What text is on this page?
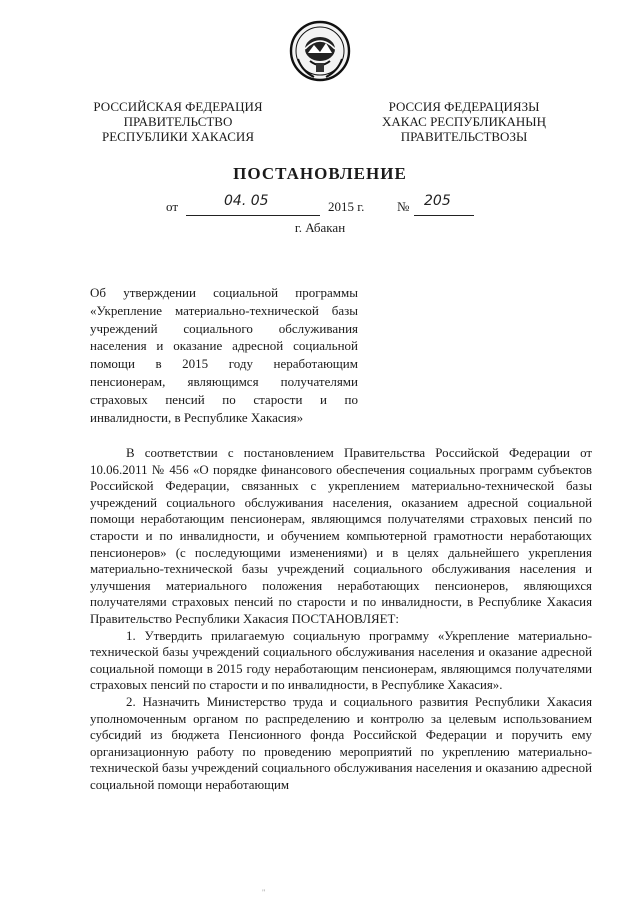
РОССИЙСКАЯ ФЕДЕРАЦИЯ
ПРАВИТЕЛЬСТВО
РЕСПУБЛИКИ ХАКАСИЯ
РОССИЯ ФЕДЕРАЦИЯЗЫ
ХАКАС РЕСПУБЛИКАНЫҢ
ПРАВИТЕЛЬСТВОЗЫ
ПОСТАНОВЛЕНИЕ
от	04. 05	2015 г.	№ 205
г. Абакан
Об утверждении социальной программы «Укрепление материально-технической базы учреждений социального обслуживания населения и оказание адресной социальной помощи в 2015 году неработающим пенсионерам, являющимся получателями страховых пенсий по старости и по инвалидности, в Республике Хакасия»

В соответствии с постановлением Правительства Российской Федерации от 10.06.2011 № 456 «О порядке финансового обеспечения социальных программ субъектов Российской Федерации, связанных с укреплением материально-технической базы учреждений социального обслуживания населения, оказанием адресной социальной помощи неработающим пенсионерам, являющимся получателями страховых пенсий по старости и по инвалидности, и обучением компьютерной грамотности неработающих пенсионеров» (с последующими изменениями) и в целях дальнейшего укрепления материально-технической базы учреждений социального обслуживания населения и улучшения материального положения неработающих пенсионеров, являющихся получателями страховых пенсий по старости и по инвалидности, в Республике Хакасия Правительство Республики Хакасия ПОСТАНОВЛЯЕТ:

1. Утвердить прилагаемую социальную программу «Укрепление материально-технической базы учреждений социального обслуживания населения и оказание адресной социальной помощи в 2015 году неработающим пенсионерам, являющимся получателями страховых пенсий по старости и по инвалидности, в Республике Хакасия».

2. Назначить Министерство труда и социального развития Республики Хакасия уполномоченным органом по распределению и контролю за целевым использованием субсидий из бюджета Пенсионного фонда Российской Федерации и поручить ему организационную работу по проведению мероприятий по укреплению материально-технической базы учреждений социального обслуживания населения и оказанию адресной социальной помощи неработающим

"
